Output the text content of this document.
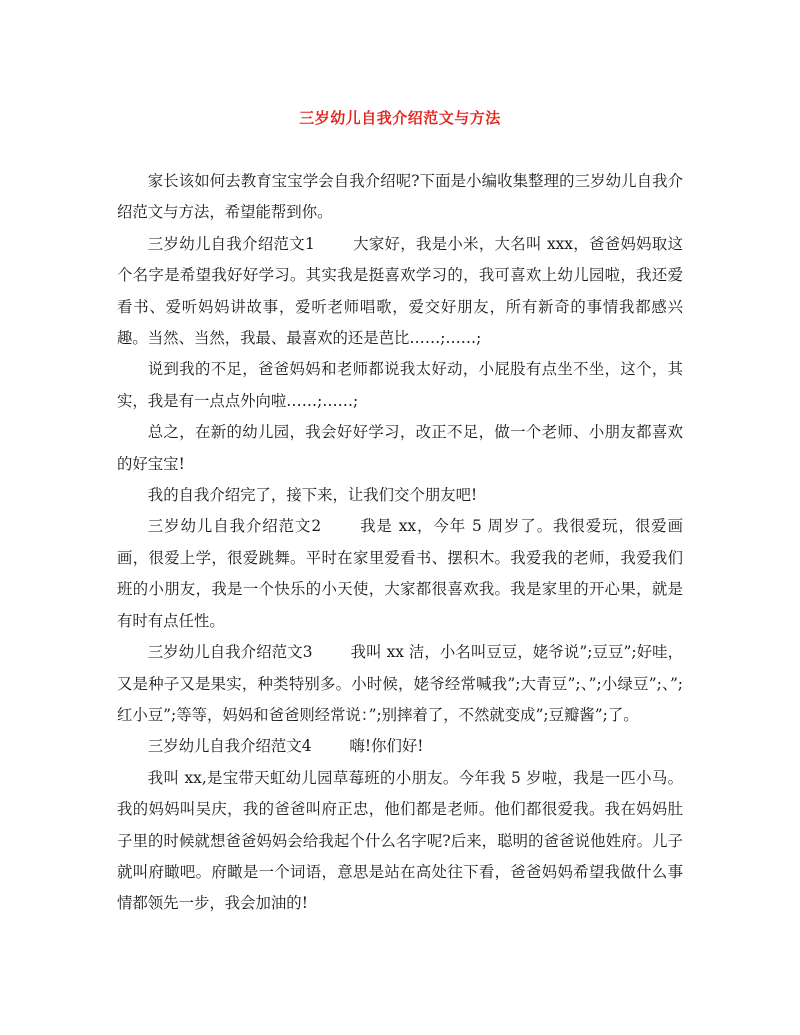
三岁幼儿自我介绍范文与方法

家长该如何去教育宝宝学会自我介绍呢?下面是小编收集整理的三岁幼儿自我介绍范文与方法，希望能帮到你。

三岁幼儿自我介绍范文1 大家好，我是小米，大名叫 xxx，爸爸妈妈取这个名字是希望我好好学习。其实我是挺喜欢学习的，我可喜欢上幼儿园啦，我还爱看书、爱听妈妈讲故事，爱听老师唱歌，爱交好朋友，所有新奇的事情我都感兴趣。当然、当然，我最、最喜欢的还是芭比……;……;

说到我的不足，爸爸妈妈和老师都说我太好动，小屁股有点坐不坐，这个，其实，我是有一点点外向啦……;……;

总之，在新的幼儿园，我会好好学习，改正不足，做一个老师、小朋友都喜欢的好宝宝!

我的自我介绍完了，接下来，让我们交个朋友吧!

三岁幼儿自我介绍范文2 我是 xx，今年 5 周岁了。我很爱玩，很爱画画，很爱上学，很爱跳舞。平时在家里爱看书、摆积木。我爱我的老师，我爱我们班的小朋友，我是一个快乐的小天使，大家都很喜欢我。我是家里的开心果，就是有时有点任性。

三岁幼儿自我介绍范文3 我叫 xx 洁，小名叫豆豆，姥爷说”;豆豆”;好哇，又是种子又是果实，种类特别多。小时候，姥爷经常喊我”;大青豆”;、”;小绿豆”;、”;红小豆”;等等，妈妈和爸爸则经常说：”;别摔着了，不然就变成”;豆瓣酱”;了。

三岁幼儿自我介绍范文4 嗨!你们好!

我叫 xx,是宝带天虹幼儿园草莓班的小朋友。今年我 5 岁啦，我是一匹小马。我的妈妈叫吴庆，我的爸爸叫府正忠，他们都是老师。他们都很爱我。我在妈妈肚子里的时候就想爸爸妈妈会给我起个什么名字呢?后来，聪明的爸爸说他姓府。儿子就叫府瞰吧。府瞰是一个词语，意思是站在高处往下看，爸爸妈妈希望我做什么事情都领先一步，我会加油的!
